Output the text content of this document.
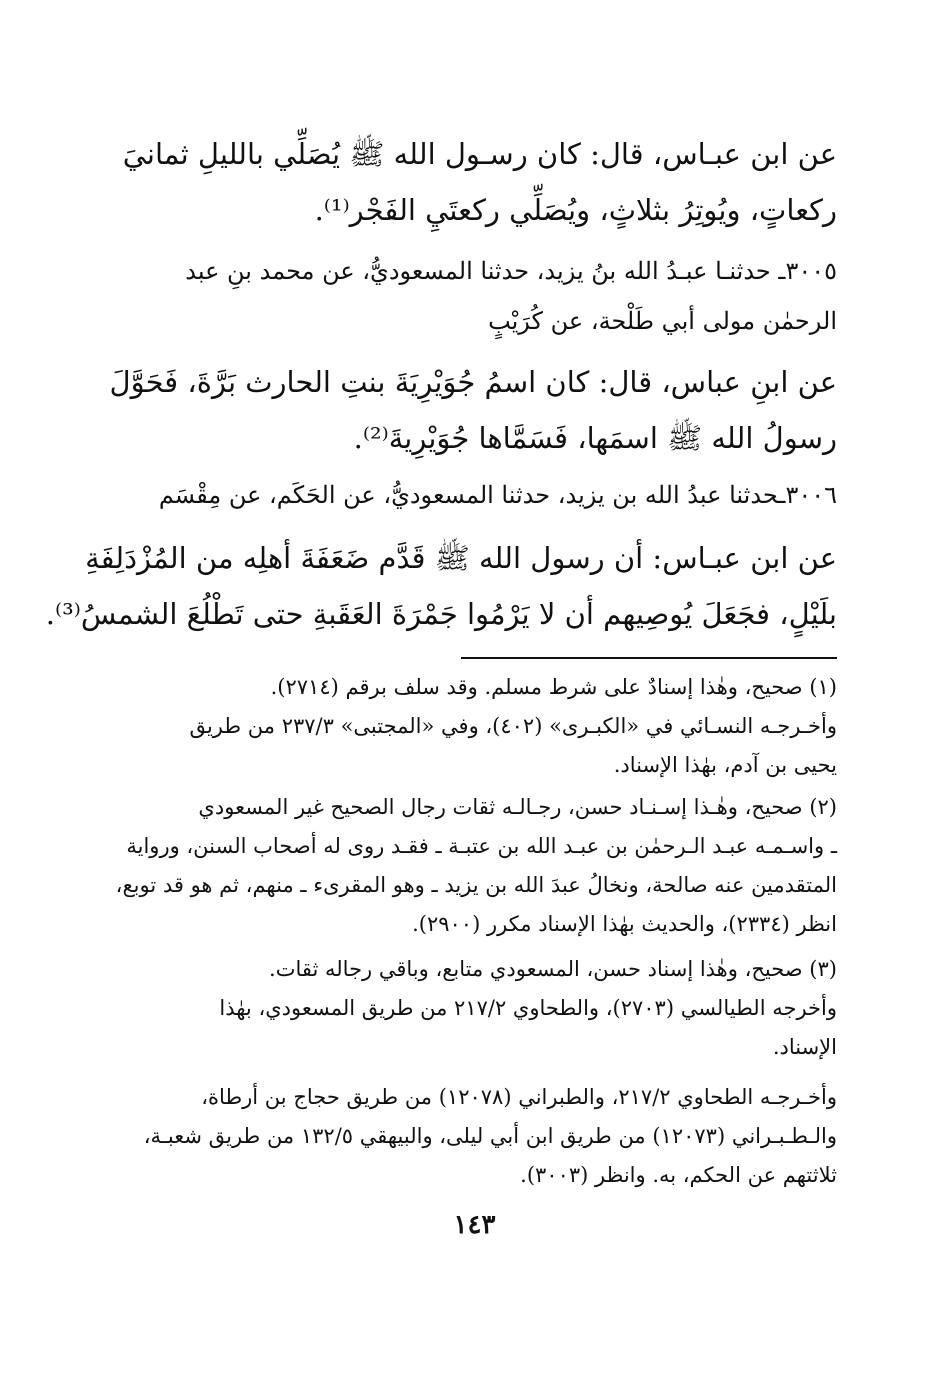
عن ابن عبـاس، قال: كان رسـول الله ﷺ يُصَلِّي بالليلِ ثمانيَ
ركعاتٍ، ويُوتِرُ بثلاثٍ، ويُصَلِّي ركعتَيِ الفَجْر⁽¹⁾.
٣٠٠٥ـ حدثنـا عبـدُ الله بنُ يزيد، حدثنا المسعوديُّ، عن محمد بنِ عبد
الرحمٰن مولى أبي طَلْحة، عن كُرَيْبٍ
عن ابنِ عباس، قال: كان اسمُ جُوَيْرِيَةَ بنتِ الحارث بَرَّةَ، فَحَوَّلَ
رسولُ الله ﷺ اسمَها، فَسَمَّاها جُوَيْرِيةَ⁽²⁾.
٣٠٠٦ـحدثنا عبدُ الله بن يزيد، حدثنا المسعوديُّ، عن الحَكَم، عن مِقْسَم
عن ابن عبـاس: أن رسول الله ﷺ قَدَّم ضَعَفَةَ أهلِه من المُزْدَلِفَةِ
بلَيْلٍ، فجَعَلَ يُوصِيهم أن لا يَرْمُوا جَمْرَةَ العَقَبةِ حتى تَطْلُعَ الشمسُ⁽³⁾.
(١) صحيح، وهٰذا إسنادٌ على شرط مسلم. وقد سلف برقم (٢٧١٤).
وأخـرجـه النسـائي في «الكبـرى» (٤٠٢)، وفي «المجتبى» ٢٣٧/٣ من طريق
يحيى بن آدم، بهٰذا الإسناد.
(٢) صحيح، وهٰـذا إسـنـاد حسن، رجـالـه ثقات رجال الصحيح غير المسعودي
ـ واسـمـه عبـد الـرحمٰن بن عبـد الله بن عتبـة ـ فقـد روى له أصحاب السنن، ورواية
المتقدمين عنه صالحة، ونخالُ عبدَ الله بن يزيد ـ وهو المقرىء ـ منهم، ثم هو قد توبع،
انظر (٢٣٣٤)، والحديث بهٰذا الإسناد مكرر (٢٩٠٠).
(٣) صحيح، وهٰذا إسناد حسن، المسعودي متابع، وباقي رجاله ثقات.
وأخرجه الطيالسي (٢٧٠٣)، والطحاوي ٢١٧/٢ من طريق المسعودي، بهٰذا
الإسناد.
وأخـرجـه الطحاوي ٢١٧/٢، والطبراني (١٢٠٧٨) من طريق حجاج بن أرطاة،
والـطـبـراني (١٢٠٧٣) من طريق ابن أبي ليلى، والبيهقي ١٣٢/٥ من طريق شعبـة،
ثلاثتهم عن الحكم، به. وانظر (٣٠٠٣).
١٤٣
